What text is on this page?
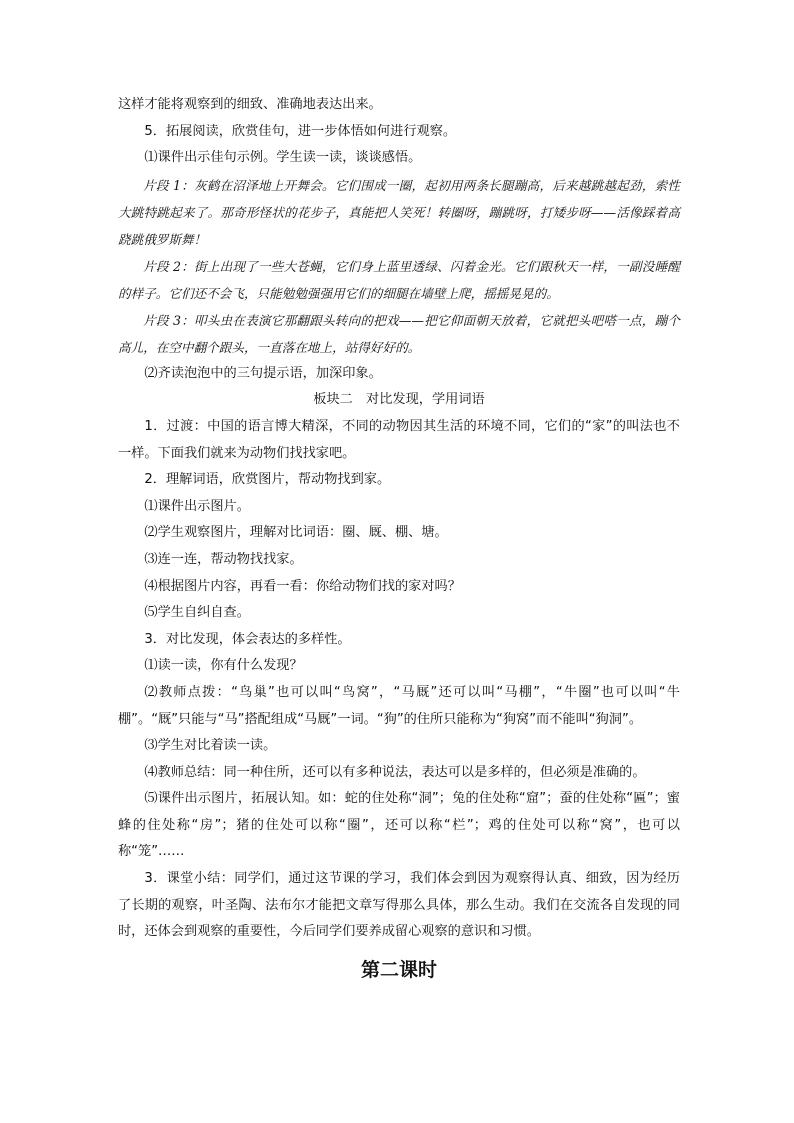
这样才能将观察到的细致、准确地表达出来。

5．拓展阅读，欣赏佳句，进一步体悟如何进行观察。

⑴课件出示佳句示例。学生读一读，谈谈感悟。

片段 1：灰鹤在沼泽地上开舞会。它们围成一圈，起初用两条长腿蹦高，后来越跳越起劲，索性大跳特跳起来了。那奇形怪状的花步子，真能把人笑死！转圈呀，蹦跳呀，打矮步呀——活像踩着高跷跳俄罗斯舞！

片段 2：街上出现了一些大苍蝇，它们身上蓝里透绿、闪着金光。它们跟秋天一样，一副没睡醒的样子。它们还不会飞，只能勉勉强强用它们的细腿在墙壁上爬，摇摇晃晃的。

片段 3：叩头虫在表演它那翻跟头转向的把戏——把它仰面朝天放着，它就把头吧嗒一点，蹦个高儿，在空中翻个跟头，一直落在地上，站得好好的。

⑵齐读泡泡中的三句提示语，加深印象。

板块二　对比发现，学用词语

1．过渡：中国的语言博大精深，不同的动物因其生活的环境不同，它们的“家”的叫法也不一样。下面我们就来为动物们找找家吧。

2．理解词语，欣赏图片，帮动物找到家。

⑴课件出示图片。

⑵学生观察图片，理解对比词语：圈、厩、棚、塘。

⑶连一连，帮动物找找家。

⑷根据图片内容，再看一看：你给动物们找的家对吗？

⑸学生自纠自查。

3．对比发现，体会表达的多样性。

⑴读一读，你有什么发现？

⑵教师点拨：“鸟巢”也可以叫“鸟窝”，“马厩”还可以叫“马棚”，“牛圈”也可以叫“牛棚”。“厩”只能与“马”搭配组成“马厩”一词。“狗”的住所只能称为“狗窝”而不能叫“狗洞”。

⑶学生对比着读一读。

⑷教师总结：同一种住所，还可以有多种说法，表达可以是多样的，但必须是准确的。

⑸课件出示图片，拓展认知。如：蛇的住处称“洞”；兔的住处称“窟”；蚕的住处称“匾”；蜜蜂的住处称“房”；猪的住处可以称“圈”，还可以称“栏”；鸡的住处可以称“窝”，也可以称“笼”……

3．课堂小结：同学们，通过这节课的学习，我们体会到因为观察得认真、细致，因为经历了长期的观察，叶圣陶、法布尔才能把文章写得那么具体，那么生动。我们在交流各自发现的同时，还体会到观察的重要性，今后同学们要养成留心观察的意识和习惯。

第二课时
